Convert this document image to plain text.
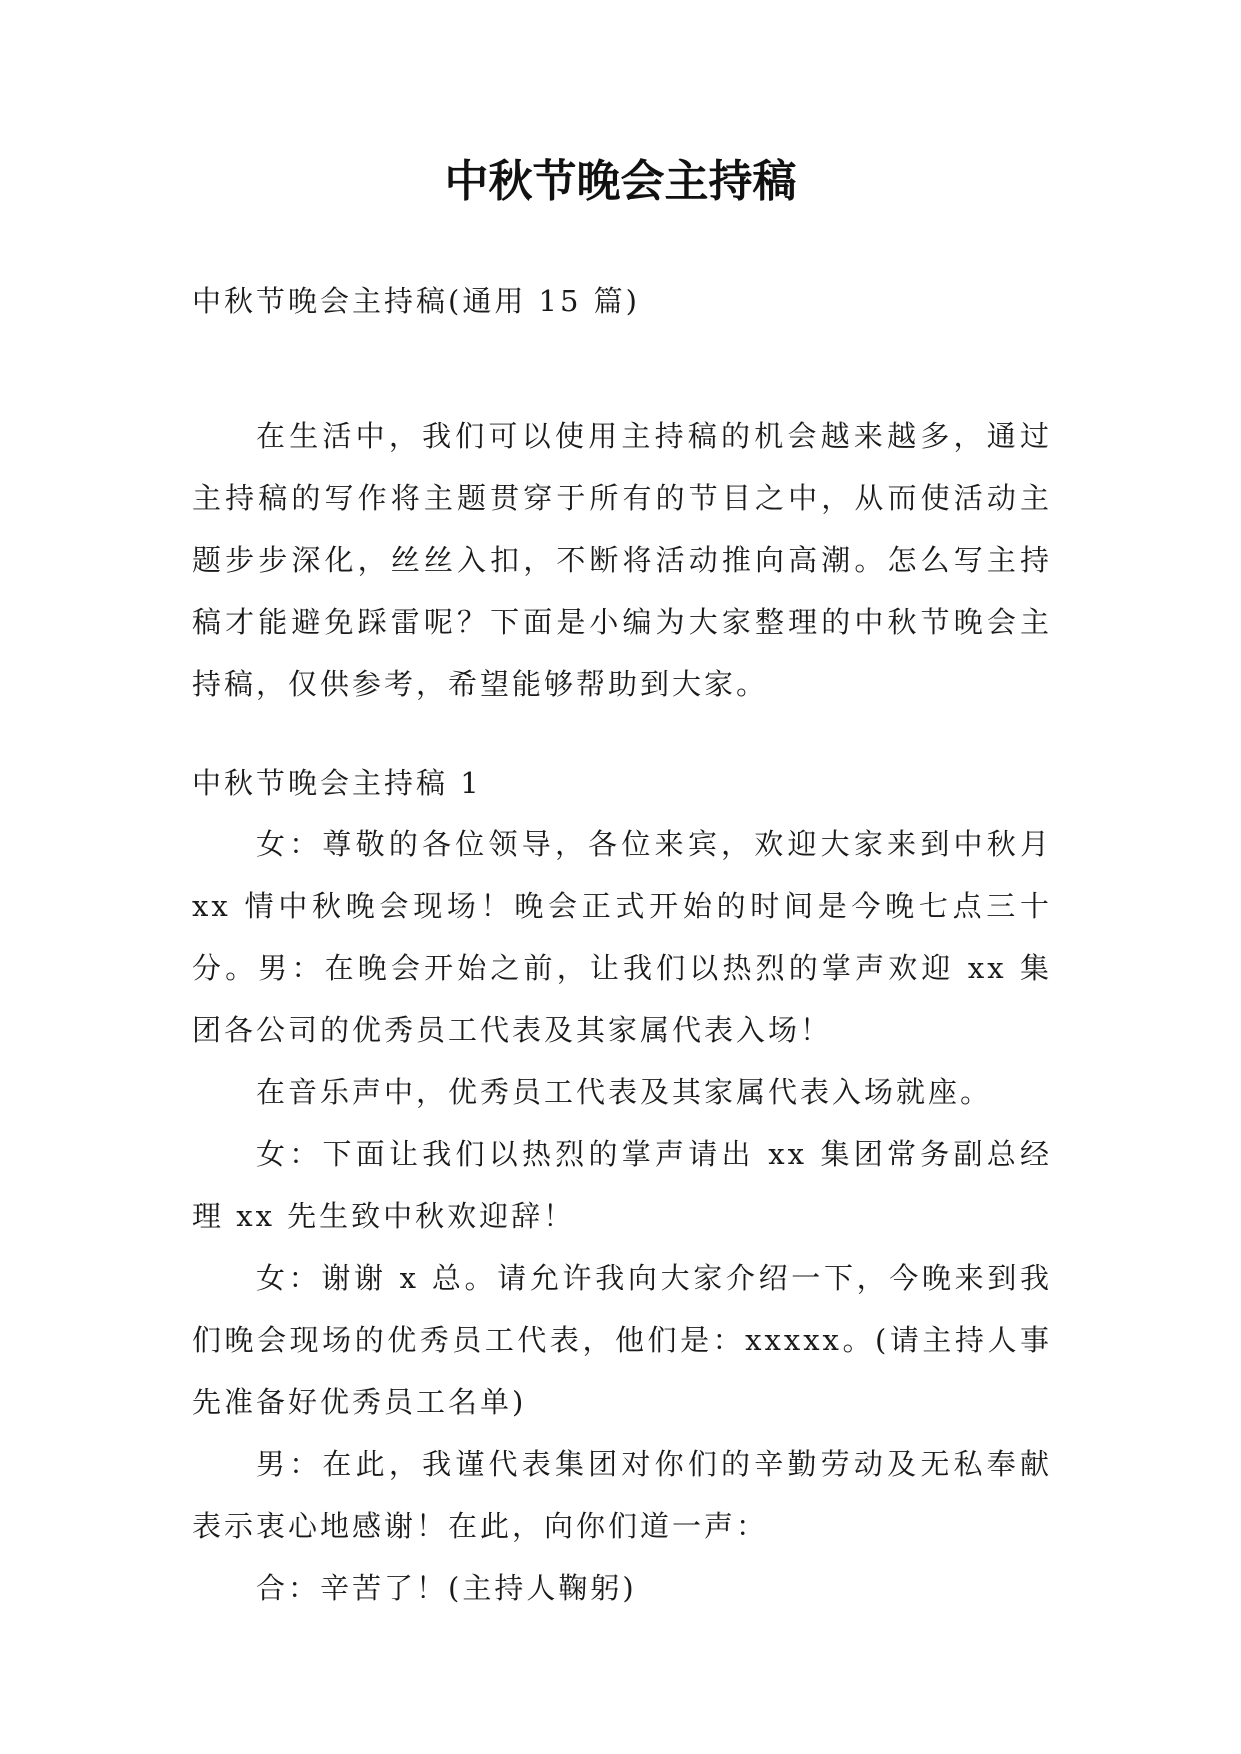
中秋节晚会主持稿

中秋节晚会主持稿(通用 15 篇)

在生活中，我们可以使用主持稿的机会越来越多，通过主持稿的写作将主题贯穿于所有的节目之中，从而使活动主题步步深化，丝丝入扣，不断将活动推向高潮。怎么写主持稿才能避免踩雷呢？下面是小编为大家整理的中秋节晚会主持稿，仅供参考，希望能够帮助到大家。

中秋节晚会主持稿 1

女：尊敬的各位领导，各位来宾，欢迎大家来到中秋月 xx 情中秋晚会现场！晚会正式开始的时间是今晚七点三十分。男：在晚会开始之前，让我们以热烈的掌声欢迎 xx 集团各公司的优秀员工代表及其家属代表入场！

在音乐声中，优秀员工代表及其家属代表入场就座。

女：下面让我们以热烈的掌声请出 xx 集团常务副总经理 xx 先生致中秋欢迎辞！

女：谢谢 x 总。请允许我向大家介绍一下，今晚来到我们晚会现场的优秀员工代表，他们是：xxxxx。(请主持人事先准备好优秀员工名单)

男：在此，我谨代表集团对你们的辛勤劳动及无私奉献表示衷心地感谢！在此，向你们道一声：

合：辛苦了！(主持人鞠躬)
